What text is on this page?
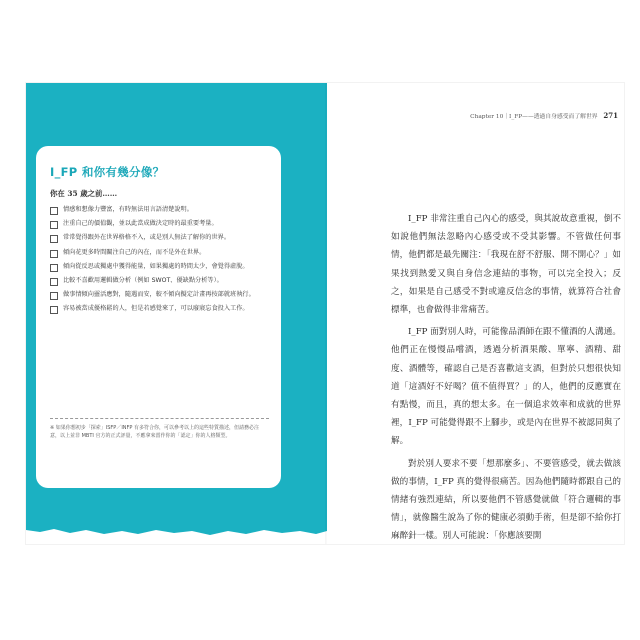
I_FP 和你有幾分像？
你在 35 歲之前……
情感和想像力豐富，有時無法用言語清楚說明。
注重自己的價值觀，並以此當成做決定時的最重要考量。
常常覺得跟外在世界格格不入，或是別人無法了解你的世界。
傾向花更多時間關注自己的內在，而不是外在世界。
傾向從反思或獨處中獲得能量，如果獨處的時間太少，會覺得虛脫。
比較不喜歡用邏輯做分析（例如 SWOT、優缺點分析等）。
做事情傾向靈活應對，隨遇而安，較不傾向擬定計畫再按部就班執行。
容易被當成優格鬆的人，但是若感覺來了，可以廢寢忘食投入工作。
※ 如果你想初步「探索」ISFP／INFP 有多符合你，可以參考以上的這些特質描述，但請務必注意，以上並非 MBTI 官方的正式評量，不應拿來當作你的「認定」你的人格類型。
Chapter 10｜I_FP——透過自身感受而了解世界 271

I_FP 非常注重自己內心的感受，與其說故意重視，倒不如說他們無法忽略內心感受或不受其影響。不管做任何事情，他們都是最先關注：「我現在舒不舒服、開不開心？」如果找到熱愛又與自身信念連結的事物，可以完全投入；反之，如果是自己感受不對或違反信念的事情，就算符合社會標準，也會做得非常痛苦。

I_FP 面對別人時，可能像品酒師在跟不懂酒的人溝通。他們正在慢慢品嚐酒，透過分析酒果酸、單寧、酒精、甜度、酒體等，確認自己是否喜歡這支酒，但對於只想很快知道「這酒好不好喝？值不值得買？」的人，他們的反應實在有點慢，而且，真的想太多。在一個追求效率和成就的世界裡，I_FP 可能覺得跟不上腳步，或是內在世界不被認同與了解。

對於別人要求不要「想那麼多」、不要管感受，就去做該做的事情，I_FP 真的覺得很痛苦。因為他們隨時都跟自己的情緒有強烈連結，所以要他們不管感覺就做「符合邏輯的事情」，就像醫生說為了你的健康必須動手術，但是卻不給你打麻醉針一樣。別人可能說：「你應該要開
